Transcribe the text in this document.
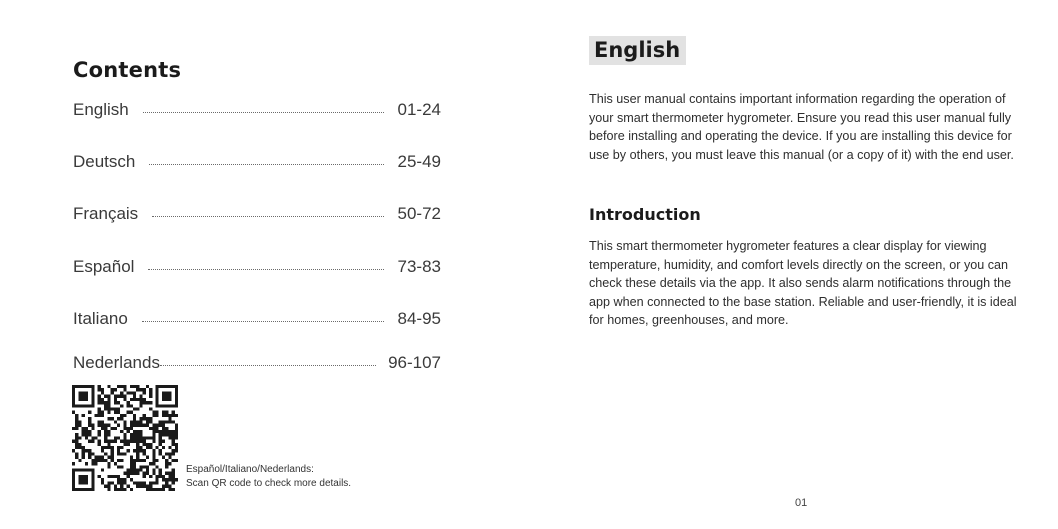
Contents
English	01-24
Deutsch	25-49
Français	50-72
Español	73-83
Italiano	84-95
Nederlands	96-107
Español/Italiano/Nederlands:
Scan QR code to check more details.
English

This user manual contains important information regarding the operation of your smart thermometer hygrometer. Ensure you read this user manual fully before installing and operating the device. If you are installing this device for use by others, you must leave this manual (or a copy of it) with the end user.

Introduction

This smart thermometer hygrometer features a clear display for viewing temperature, humidity, and comfort levels directly on the screen, or you can check these details via the app. It also sends alarm notifications through the app when connected to the base station. Reliable and user-friendly, it is ideal for homes, greenhouses, and more.

01
